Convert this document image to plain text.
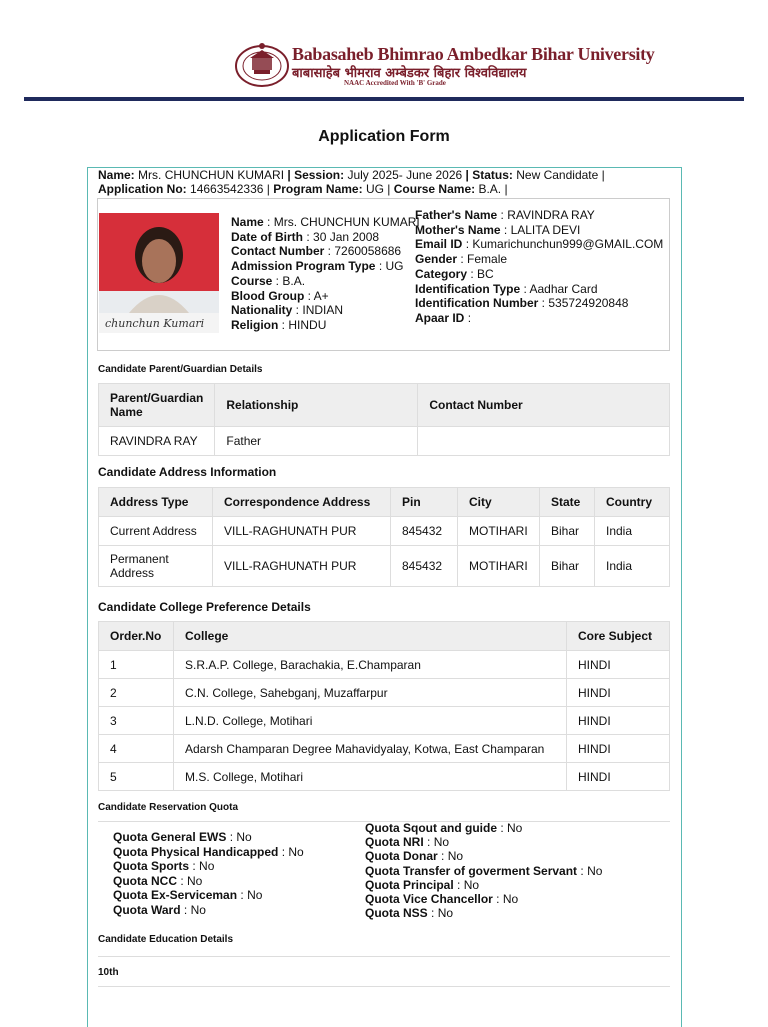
Babasaheb Bhimrao Ambedkar Bihar University
बाबासाहेब भीमराव अम्बेडकर बिहार विश्वविद्यालय
NAAC Accredited With 'B' Grade
Application Form
Name: Mrs. CHUNCHUN KUMARI | Session: July 2025- June 2026 | Status: New Candidate |
Application No: 14663542336 | Program Name: UG | Course Name: B.A. |
chunchun Kumari
Name : Mrs. CHUNCHUN KUMARI
Date of Birth : 30 Jan 2008
Contact Number : 7260058686
Admission Program Type : UG
Course : B.A.
Blood Group : A+
Nationality : INDIAN
Religion : HINDU
Father's Name : RAVINDRA RAY
Mother's Name : LALITA DEVI
Email ID : Kumarichunchun999@GMAIL.COM
Gender : Female
Category : BC
Identification Type : Aadhar Card
Identification Number : 535724920848
Apaar ID :
Candidate Parent/Guardian Details
Parent/Guardian Name	Relationship	Contact Number
RAVINDRA RAY	Father	
Candidate Address Information
Address Type	Correspondence Address	Pin	City	State	Country
Current Address	VILL-RAGHUNATH PUR	845432	MOTIHARI	Bihar	India
Permanent Address	VILL-RAGHUNATH PUR	845432	MOTIHARI	Bihar	India
Candidate College Preference Details
Order.No	College	Core Subject
1	S.R.A.P. College, Barachakia, E.Champaran	HINDI
2	C.N. College, Sahebganj, Muzaffarpur	HINDI
3	L.N.D. College, Motihari	HINDI
4	Adarsh Champaran Degree Mahavidyalay, Kotwa, East Champaran	HINDI
5	M.S. College, Motihari	HINDI
Candidate Reservation Quota
Quota General EWS : No
Quota Physical Handicapped : No
Quota Sports : No
Quota NCC : No
Quota Ex-Serviceman : No
Quota Ward : No
Quota Sqout and guide : No
Quota NRI : No
Quota Donar : No
Quota Transfer of goverment Servant : No
Quota Principal : No
Quota Vice Chancellor : No
Quota NSS : No
Candidate Education Details
10th
